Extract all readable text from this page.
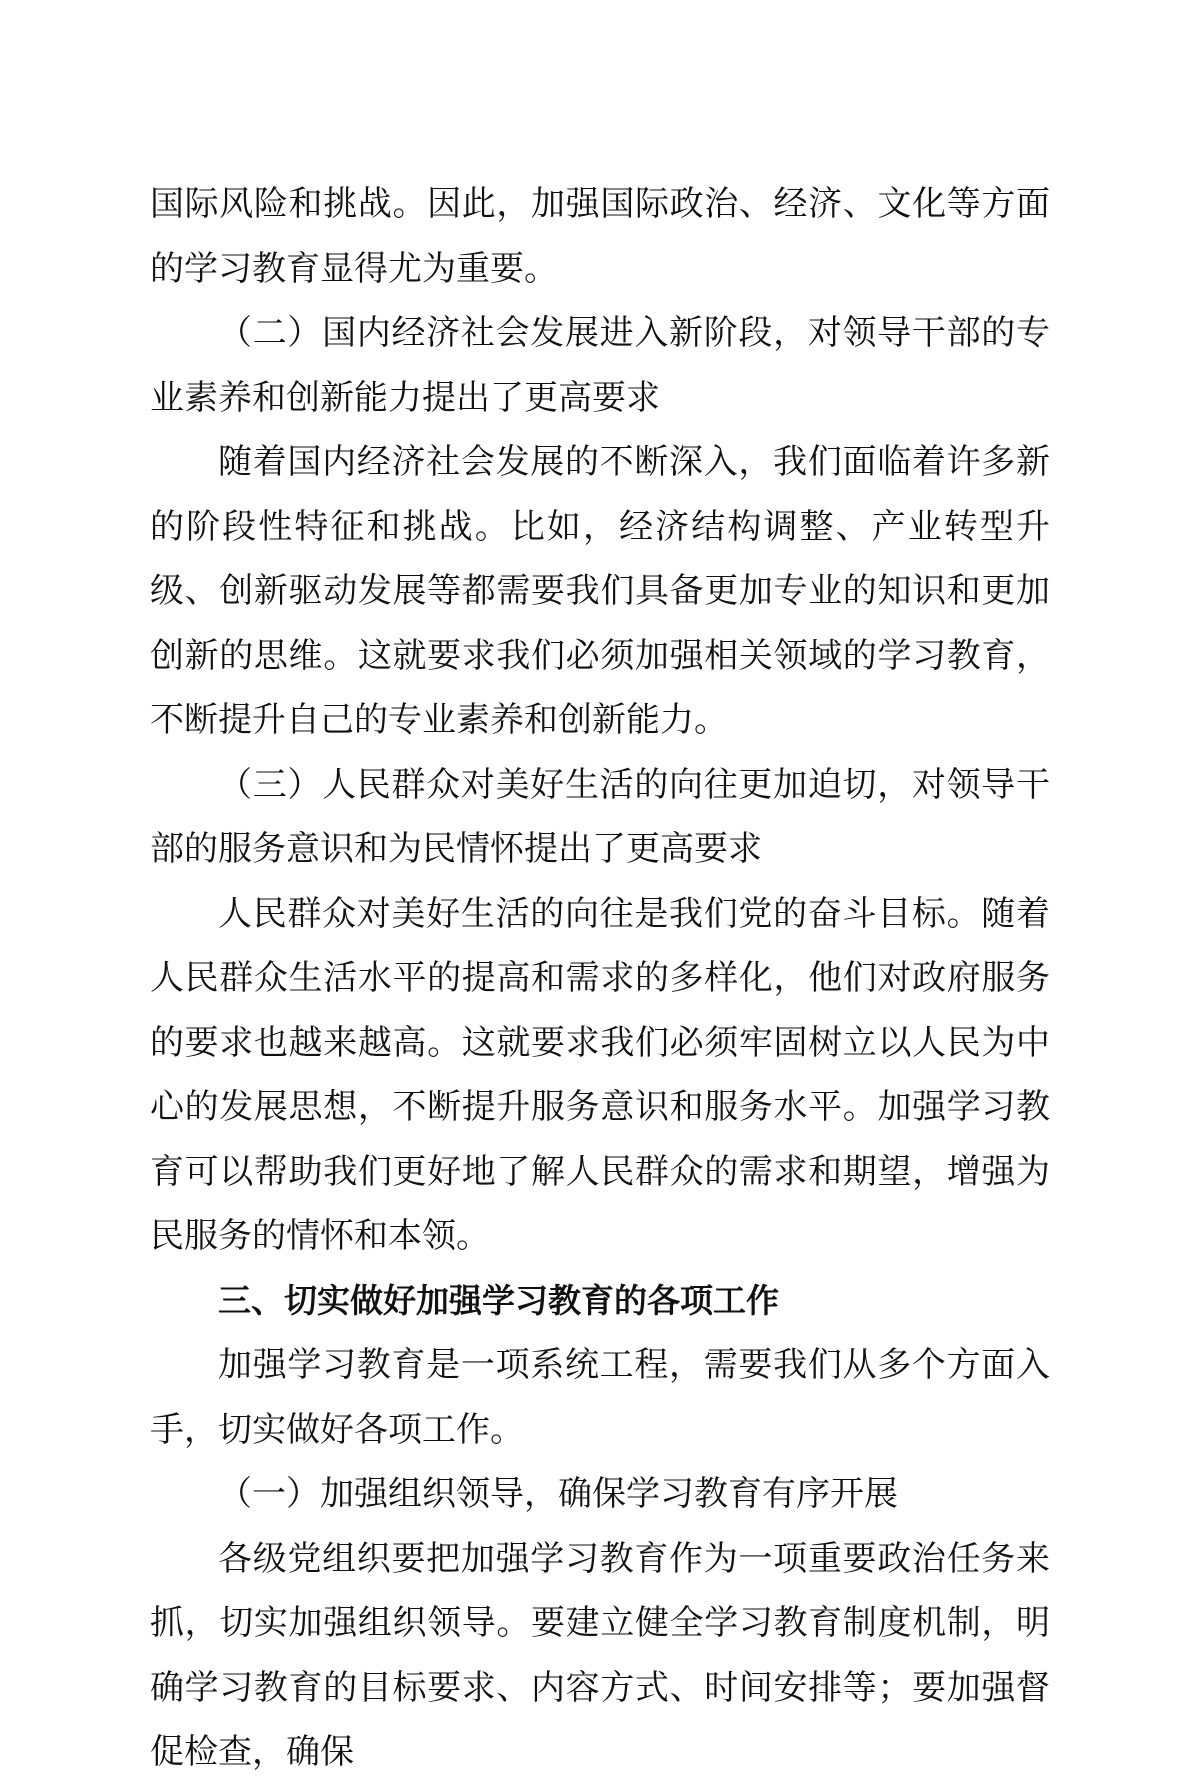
国际风险和挑战。因此，加强国际政治、经济、文化等方面的学习教育显得尤为重要。

（二）国内经济社会发展进入新阶段，对领导干部的专业素养和创新能力提出了更高要求

随着国内经济社会发展的不断深入，我们面临着许多新的阶段性特征和挑战。比如，经济结构调整、产业转型升级、创新驱动发展等都需要我们具备更加专业的知识和更加创新的思维。这就要求我们必须加强相关领域的学习教育，不断提升自己的专业素养和创新能力。

（三）人民群众对美好生活的向往更加迫切，对领导干部的服务意识和为民情怀提出了更高要求

人民群众对美好生活的向往是我们党的奋斗目标。随着人民群众生活水平的提高和需求的多样化，他们对政府服务的要求也越来越高。这就要求我们必须牢固树立以人民为中心的发展思想，不断提升服务意识和服务水平。加强学习教育可以帮助我们更好地了解人民群众的需求和期望，增强为民服务的情怀和本领。

三、切实做好加强学习教育的各项工作

加强学习教育是一项系统工程，需要我们从多个方面入手，切实做好各项工作。

（一）加强组织领导，确保学习教育有序开展

各级党组织要把加强学习教育作为一项重要政治任务来抓，切实加强组织领导。要建立健全学习教育制度机制，明确学习教育的目标要求、内容方式、时间安排等；要加强督促检查，确保
